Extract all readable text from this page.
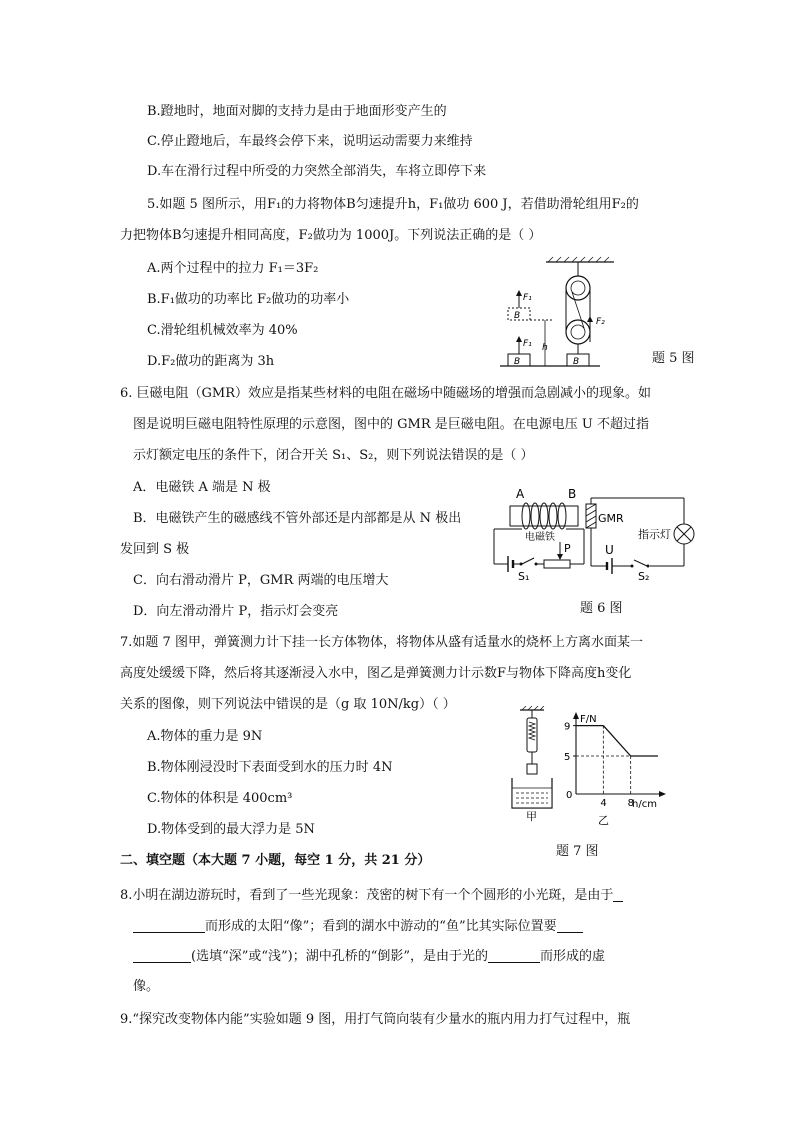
B.蹬地时，地面对脚的支持力是由于地面形变产生的
C.停止蹬地后，车最终会停下来，说明运动需要力来维持
D.车在滑行过程中所受的力突然全部消失，车将立即停下来
5.如题 5 图所示，用F₁的力将物体B匀速提升h，F₁做功 600 J，若借助滑轮组用F₂的
力把物体B匀速提升相同高度，F₂做功为 1000J。下列说法正确的是（ ）
A.两个过程中的拉力 F₁＝3F₂
B.F₁做功的功率比 F₂做功的功率小
C.滑轮组机械效率为 40%
D.F₂做功的距离为 3h
F₂
B
F₁
h
B
F₁
B	题 5 图
6. 巨磁电阻（GMR）效应是指某些材料的电阻在磁场中随磁场的增强而急剧减小的现象。如
图是说明巨磁电阻特性原理的示意图，图中的 GMR 是巨磁电阻。在电源电压 U 不超过指
示灯额定电压的条件下，闭合开关 S₁、S₂，则下列说法错误的是（ ）
A．电磁铁 A 端是 N 极
B．电磁铁产生的磁感线不管外部还是内部都是从 N 极出
发回到 S 极
C．向右滑动滑片 P，GMR 两端的电压增大
D．向左滑动滑片 P，指示灯会变亮
A	B
电磁铁
S₁
P
GMR
指示灯
S₂
U
题 6 图
7.如题 7 图甲，弹簧测力计下挂一长方体物体，将物体从盛有适量水的烧杯上方离水面某一
高度处缓缓下降，然后将其逐渐浸入水中，图乙是弹簧测力计示数F与物体下降高度h变化
关系的图像，则下列说法中错误的是（g 取 10N/kg）（ ）
A.物体的重力是 9N
B.物体刚浸没时下表面受到水的压力时 4N
C.物体的体积是 400cm³
D.物体受到的最大浮力是 5N
甲
F/N
h/cm
0
5
9
4 8
乙
题 7 图
二、填空题（本大题 7 小题，每空 1 分，共 21 分）
8.小明在湖边游玩时，看到了一些光现象：茂密的树下有一个个圆形的小光斑，是由于
而形成的太阳“像”；看到的湖水中游动的“鱼”比其实际位置要
(选填“深”或“浅”)；湖中孔桥的“倒影”，是由于光的	而形成的虚
像。
9.“探究改变物体内能”实验如题 9 图，用打气筒向装有少量水的瓶内用力打气过程中，瓶
